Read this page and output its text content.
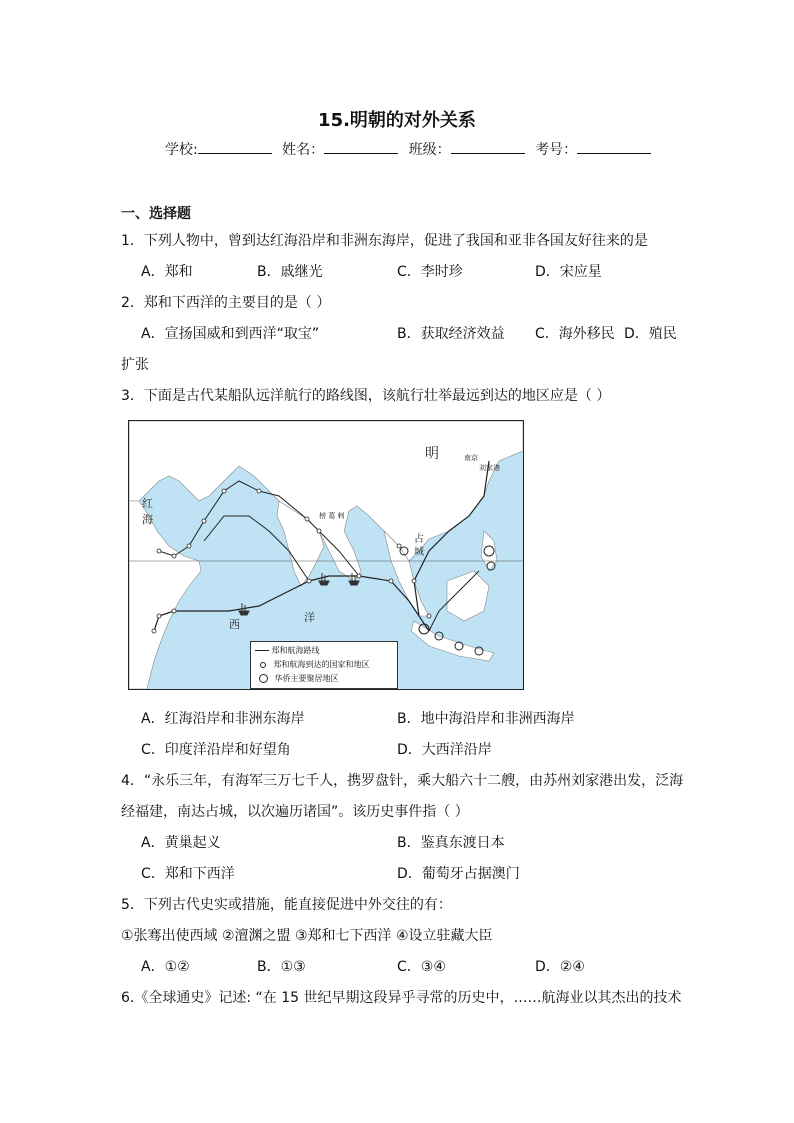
15.明朝的对外关系
学校:	姓名：	班级：	考号：
一、选择题
1．下列人物中，曾到达红海沿岸和非洲东海岸，促进了我国和亚非各国友好往来的是
A．郑和	B．戚继光	C．李时珍	D．宋应星
2．郑和下西洋的主要目的是（ ）
A．宣扬国威和到西洋“取宝”	B．获取经济效益 C．海外移民 D．殖民
扩张
3．下面是古代某船队远洋航行的路线图，该航行壮举最远到达的地区应是（ ）
明	南京
刘家港
红
海	榜 葛 剌
占
城
西
洋
郑和航海路线
郑和航海到达的国家和地区
华侨主要聚居地区
A．红海沿岸和非洲东海岸	B．地中海沿岸和非洲西海岸
C．印度洋沿岸和好望角	D．大西洋沿岸
4．“永乐三年，有海军三万七千人，携罗盘针，乘大船六十二艘，由苏州刘家港出发，泛海
经福建，南达占城，以次遍历诸国”。该历史事件指（ ）
A．黄巢起义	B．鉴真东渡日本
C．郑和下西洋	D．葡萄牙占据澳门
5．下列古代史实或措施，能直接促进中外交往的有：
①张骞出使西域 ②澶渊之盟 ③郑和七下西洋 ④设立驻藏大臣
A．①②	B．①③	C．③④	D．②④
6.《全球通史》记述: “在 15 世纪早期这段异乎寻常的历史中，……航海业以其杰出的技术
